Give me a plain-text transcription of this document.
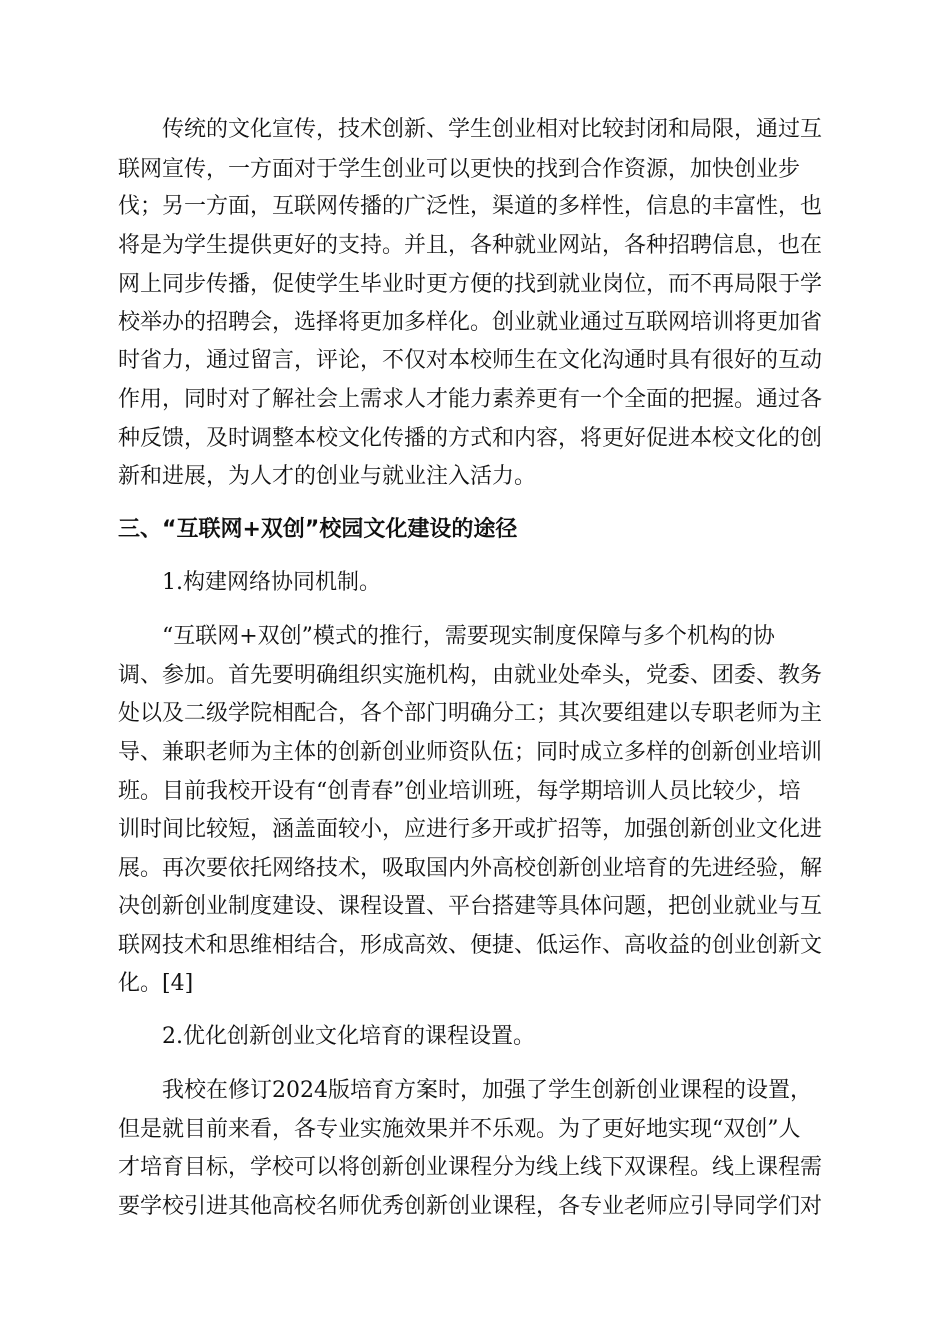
传统的文化宣传，技术创新、学生创业相对比较封闭和局限，通过互

联网宣传，一方面对于学生创业可以更快的找到合作资源，加快创业步

伐；另一方面，互联网传播的广泛性，渠道的多样性，信息的丰富性，也

将是为学生提供更好的支持。并且，各种就业网站，各种招聘信息，也在

网上同步传播，促使学生毕业时更方便的找到就业岗位，而不再局限于学

校举办的招聘会，选择将更加多样化。创业就业通过互联网培训将更加省

时省力，通过留言，评论，不仅对本校师生在文化沟通时具有很好的互动

作用，同时对了解社会上需求人才能力素养更有一个全面的把握。通过各

种反馈，及时调整本校文化传播的方式和内容，将更好促进本校文化的创

新和进展，为人才的创业与就业注入活力。

三、“互联网+双创”校园文化建设的途径

1.构建网络协同机制。

“互联网+双创”模式的推行，需要现实制度保障与多个机构的协

调、参加。首先要明确组织实施机构，由就业处牵头，党委、团委、教务

处以及二级学院相配合，各个部门明确分工；其次要组建以专职老师为主

导、兼职老师为主体的创新创业师资队伍；同时成立多样的创新创业培训

班。目前我校开设有“创青春”创业培训班，每学期培训人员比较少，培

训时间比较短，涵盖面较小，应进行多开或扩招等，加强创新创业文化进

展。再次要依托网络技术，吸取国内外高校创新创业培育的先进经验，解

决创新创业制度建设、课程设置、平台搭建等具体问题，把创业就业与互

联网技术和思维相结合，形成高效、便捷、低运作、高收益的创业创新文

化。[4]

2.优化创新创业文化培育的课程设置。

我校在修订2024版培育方案时，加强了学生创新创业课程的设置，

但是就目前来看，各专业实施效果并不乐观。为了更好地实现“双创”人

才培育目标，学校可以将创新创业课程分为线上线下双课程。线上课程需

要学校引进其他高校名师优秀创新创业课程，各专业老师应引导同学们对
